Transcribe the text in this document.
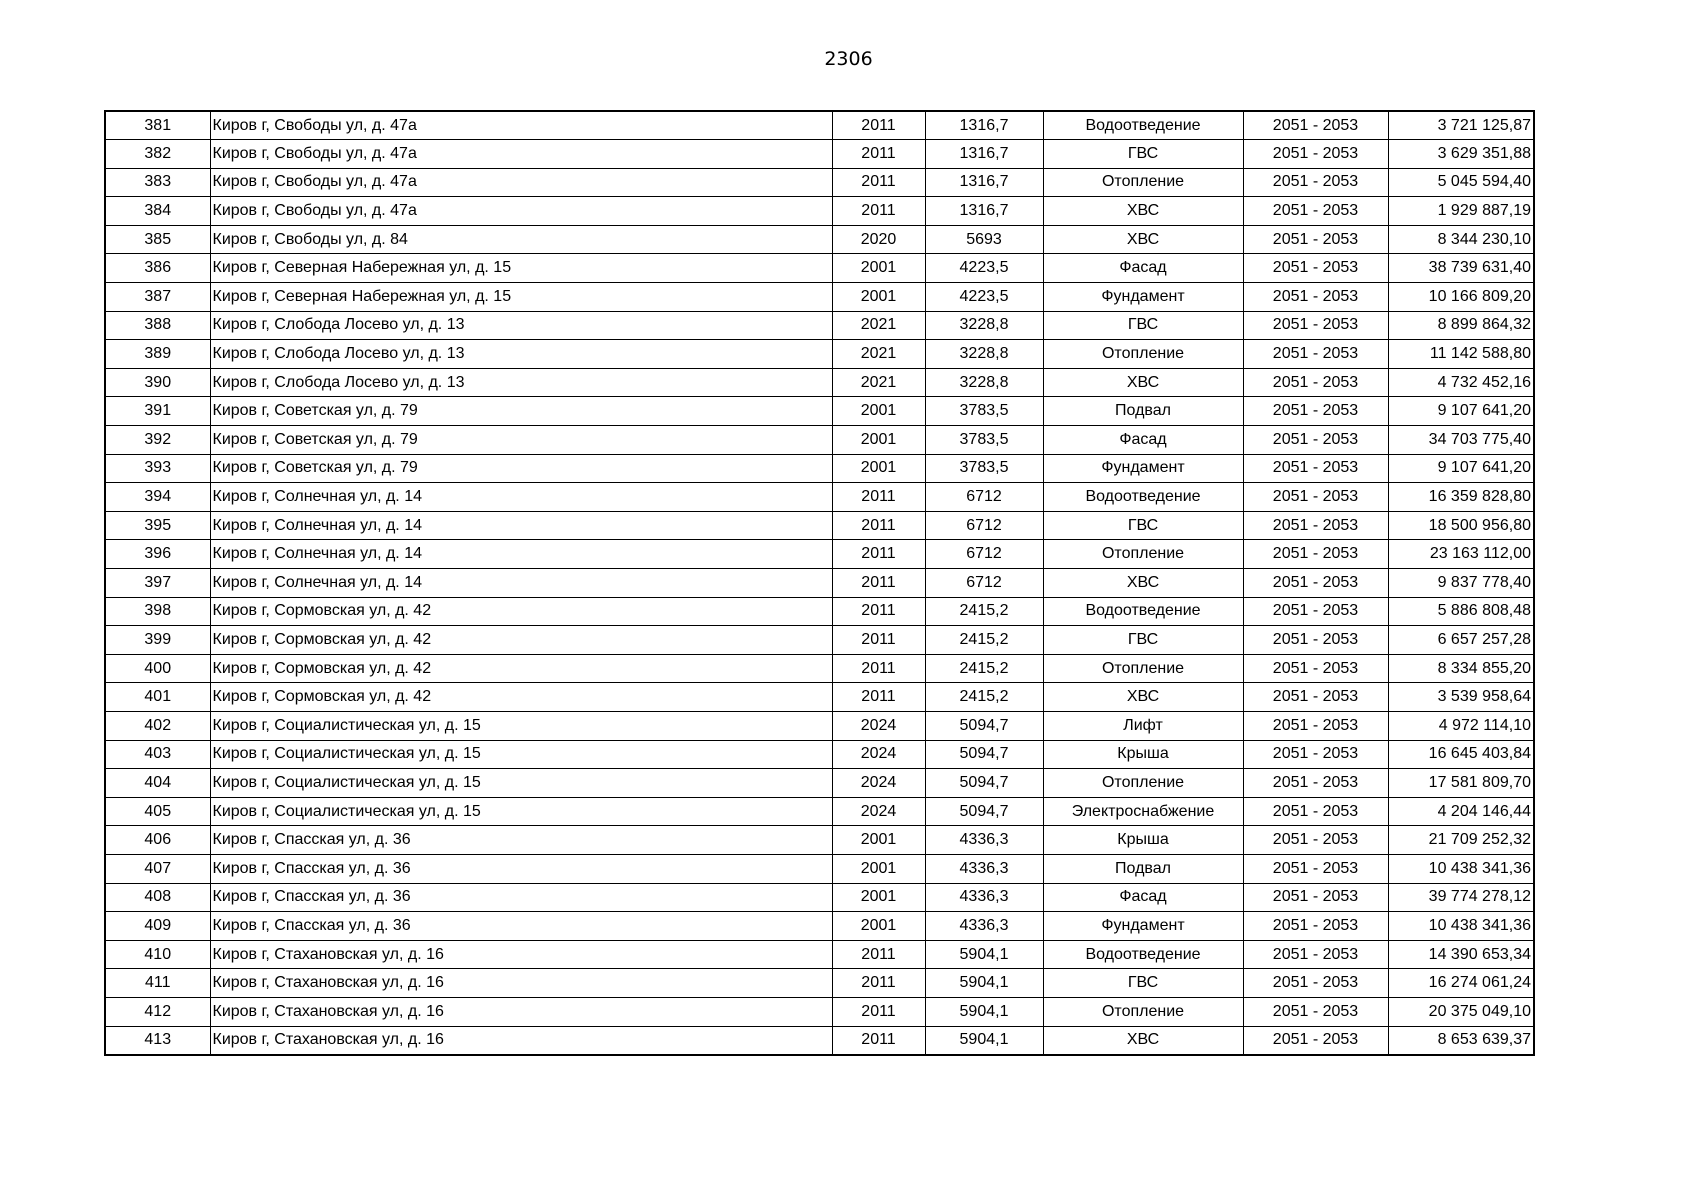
2306
381	Киров г, Свободы ул, д. 47а	2011	1316,7	Водоотведение	2051 - 2053	3 721 125,87
382	Киров г, Свободы ул, д. 47а	2011	1316,7	ГВС	2051 - 2053	3 629 351,88
383	Киров г, Свободы ул, д. 47а	2011	1316,7	Отопление	2051 - 2053	5 045 594,40
384	Киров г, Свободы ул, д. 47а	2011	1316,7	ХВС	2051 - 2053	1 929 887,19
385	Киров г, Свободы ул, д. 84	2020	5693	ХВС	2051 - 2053	8 344 230,10
386	Киров г, Северная Набережная ул, д. 15	2001	4223,5	Фасад	2051 - 2053	38 739 631,40
387	Киров г, Северная Набережная ул, д. 15	2001	4223,5	Фундамент	2051 - 2053	10 166 809,20
388	Киров г, Слобода Лосево ул, д. 13	2021	3228,8	ГВС	2051 - 2053	8 899 864,32
389	Киров г, Слобода Лосево ул, д. 13	2021	3228,8	Отопление	2051 - 2053	11 142 588,80
390	Киров г, Слобода Лосево ул, д. 13	2021	3228,8	ХВС	2051 - 2053	4 732 452,16
391	Киров г, Советская ул, д. 79	2001	3783,5	Подвал	2051 - 2053	9 107 641,20
392	Киров г, Советская ул, д. 79	2001	3783,5	Фасад	2051 - 2053	34 703 775,40
393	Киров г, Советская ул, д. 79	2001	3783,5	Фундамент	2051 - 2053	9 107 641,20
394	Киров г, Солнечная ул, д. 14	2011	6712	Водоотведение	2051 - 2053	16 359 828,80
395	Киров г, Солнечная ул, д. 14	2011	6712	ГВС	2051 - 2053	18 500 956,80
396	Киров г, Солнечная ул, д. 14	2011	6712	Отопление	2051 - 2053	23 163 112,00
397	Киров г, Солнечная ул, д. 14	2011	6712	ХВС	2051 - 2053	9 837 778,40
398	Киров г, Сормовская ул, д. 42	2011	2415,2	Водоотведение	2051 - 2053	5 886 808,48
399	Киров г, Сормовская ул, д. 42	2011	2415,2	ГВС	2051 - 2053	6 657 257,28
400	Киров г, Сормовская ул, д. 42	2011	2415,2	Отопление	2051 - 2053	8 334 855,20
401	Киров г, Сормовская ул, д. 42	2011	2415,2	ХВС	2051 - 2053	3 539 958,64
402	Киров г, Социалистическая ул, д. 15	2024	5094,7	Лифт	2051 - 2053	4 972 114,10
403	Киров г, Социалистическая ул, д. 15	2024	5094,7	Крыша	2051 - 2053	16 645 403,84
404	Киров г, Социалистическая ул, д. 15	2024	5094,7	Отопление	2051 - 2053	17 581 809,70
405	Киров г, Социалистическая ул, д. 15	2024	5094,7	Электроснабжение	2051 - 2053	4 204 146,44
406	Киров г, Спасская ул, д. 36	2001	4336,3	Крыша	2051 - 2053	21 709 252,32
407	Киров г, Спасская ул, д. 36	2001	4336,3	Подвал	2051 - 2053	10 438 341,36
408	Киров г, Спасская ул, д. 36	2001	4336,3	Фасад	2051 - 2053	39 774 278,12
409	Киров г, Спасская ул, д. 36	2001	4336,3	Фундамент	2051 - 2053	10 438 341,36
410	Киров г, Стахановская ул, д. 16	2011	5904,1	Водоотведение	2051 - 2053	14 390 653,34
411	Киров г, Стахановская ул, д. 16	2011	5904,1	ГВС	2051 - 2053	16 274 061,24
412	Киров г, Стахановская ул, д. 16	2011	5904,1	Отопление	2051 - 2053	20 375 049,10
413	Киров г, Стахановская ул, д. 16	2011	5904,1	ХВС	2051 - 2053	8 653 639,37
